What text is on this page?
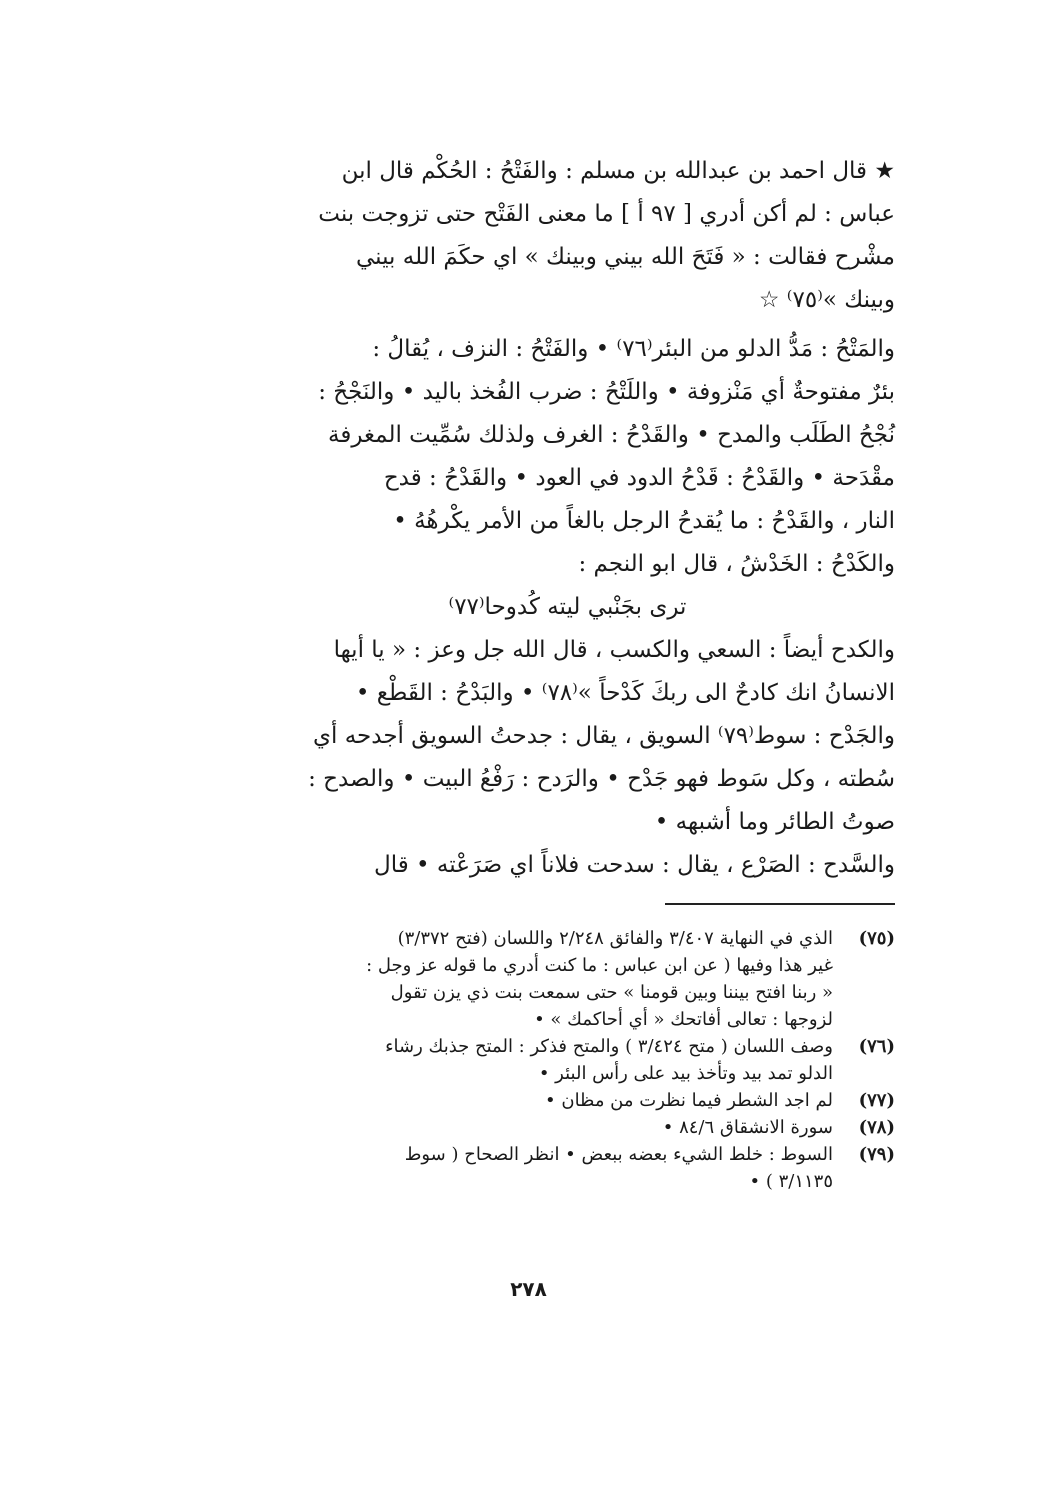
★ قال احمد بن عبدالله بن مسلم : والفَتْحُ : الحُكْم قال ابن

عباس : لم أكن أدري [ ٩٧ أ ] ما معنى الفَتْح حتى تزوجت بنت

مشْرح فقالت : « فَتَحَ الله بيني وبينك » اي حكَمَ الله بيني

وبينك »⁽٧٥⁾ ☆

والمَتْحُ : مَدُّ الدلو من البئر⁽٧٦⁾ • والفَتْحُ : النزف ، يُقالُ :

بئرٌ مفتوحةٌ أي مَنْزوفة • واللَتْحُ : ضرب الفُخذ باليد • والنَجْحُ :

نُجْحُ الطَلَب والمدح • والقَدْحُ : الغرف ولذلك سُمِّيت المغرفة

مقْدَحة • والقَدْحُ : قَدْحُ الدود في العود • والقَدْحُ : قدح

النار ، والقَدْحُ : ما يُقدحُ الرجل بالغاً من الأمر يكْرهُهُ •

والكَدْحُ : الخَدْشُ ، قال ابو النجم :

ترى بجَنْبي ليته كُدوحا⁽٧٧⁾

والكدح أيضاً : السعي والكسب ، قال الله جل وعز : « يا أيها

الانسانُ انك كادحٌ الى ربكَ كَدْحاً »⁽٧٨⁾ • والبَدْحُ : القَطْع •

والجَدْح : سوط⁽٧٩⁾ السويق ، يقال : جدحتُ السويق أجدحه أي

سُطته ، وكل سَوط فهو جَدْح • والرَدح : رَفْعُ البيت • والصدح :

صوتُ الطائر وما أشبهه •

والسَّدح : الصَرْع ، يقال : سدحت فلاناً اي صَرَعْته • قال

(٧٥)
الذي في النهاية ٣/٤٠٧ والفائق ٢/٢٤٨ واللسان (فتح ٣/٣٧٢)
غير هذا وفيها ( عن ابن عباس : ما كنت أدري ما قوله عز وجل :
« ربنا افتح بيننا وبين قومنا » حتى سمعت بنت ذي يزن تقول
لزوجها : تعالى أفاتحك « أي أحاكمك » •
(٧٦)
وصف اللسان ( متح ٣/٤٢٤ ) والمتح فذكر : المتح جذبك رشاء
الدلو تمد بيد وتأخذ بيد على رأس البئر •
(٧٧)
لم اجد الشطر فيما نظرت من مظان •
(٧٨)
سورة الانشقاق ٨٤/٦ •
(٧٩)
السوط : خلط الشيء بعضه ببعض • انظر الصحاح ( سوط
٣/١١٣٥ ) •
٢٧٨
